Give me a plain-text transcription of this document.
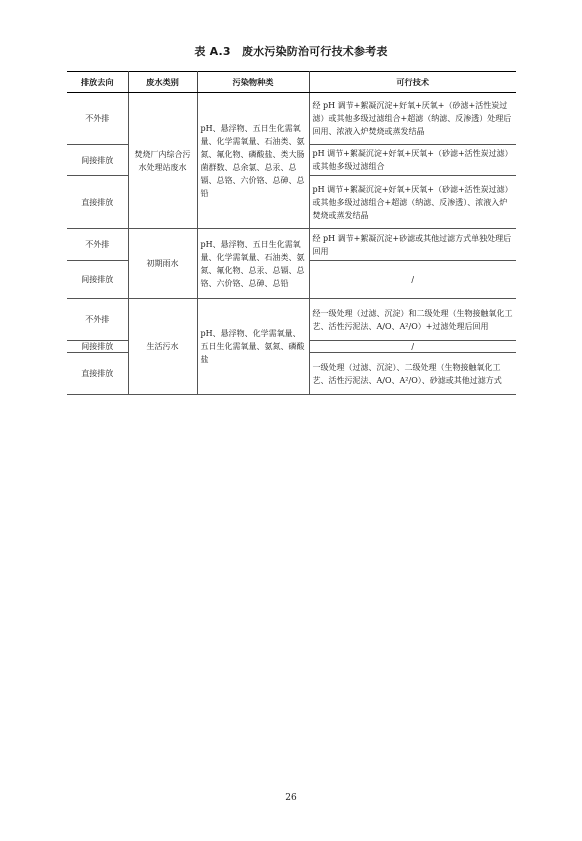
表 A.3　废水污染防治可行技术参考表
排放去向	废水类别	污染物种类	可行技术
不外排	焚烧厂内综合污水处理站废水	pH、悬浮物、五日生化需氧量、化学需氧量、石油类、氨氮、氟化物、磷酸盐、类大肠菌群数、总余氯、总汞、总镉、总铬、六价铬、总砷、总铅	经 pH 调节+絮凝沉淀+好氧+厌氧+（砂滤+活性炭过滤）或其他多级过滤组合+超滤（纳滤、反渗透）处理后回用、浓液入炉焚烧或蒸发结晶
间接排放			pH 调节+絮凝沉淀+好氧+厌氧+（砂滤+活性炭过滤）或其他多级过滤组合
直接排放			pH 调节+絮凝沉淀+好氧+厌氧+（砂滤+活性炭过滤）或其他多级过滤组合+超滤（纳滤、反渗透）、浓液入炉焚烧或蒸发结晶
不外排	初期雨水	pH、悬浮物、五日生化需氧量、化学需氧量、石油类、氨氮、氟化物、总汞、总镉、总铬、六价铬、总砷、总铅	经 pH 调节+絮凝沉淀+砂滤或其他过滤方式单独处理后回用
间接排放			/
不外排	生活污水	pH、悬浮物、化学需氧量、五日生化需氧量、氨氮、磷酸盐	经一级处理（过滤、沉淀）和二级处理（生物接触氧化工艺、活性污泥法、A/O、A²/O）+过滤处理后回用
间接排放			/
直接排放			一级处理（过滤、沉淀）、二级处理（生物接触氧化工艺、活性污泥法、A/O、A²/O）、砂滤或其他过滤方式
26
